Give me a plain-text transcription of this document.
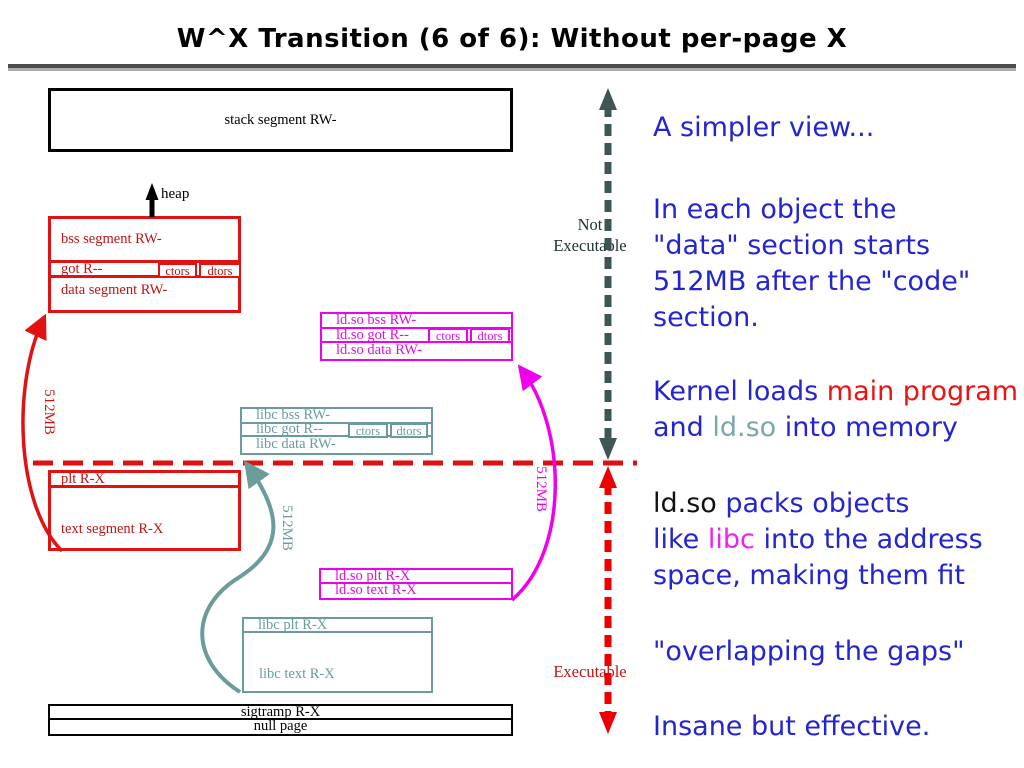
W^X Transition (6 of 6): Without per-page X
stack segment RW-
heap
bss segment RW-
got R--	ctors dtors
data segment RW-
plt R-X
text segment R-X
ld.so bss RW-
ld.so got R-- ctors dtors
ld.so data RW-
libc bss RW-
libc got R--	ctors dtors
libc data RW-
ld.so plt R-X
ld.so text R-X
libc plt R-X
libc text R-X
sigtramp R-X
null page
512MB
512MB
512MB
Not
Executable
Executable
A simpler view...
In each object the
"data" section starts
512MB after the "code"
section.
Kernel loads main program
and ld.so into memory
ld.so packs objects
like libc into the address
space, making them fit
"overlapping the gaps"
Insane but effective.
